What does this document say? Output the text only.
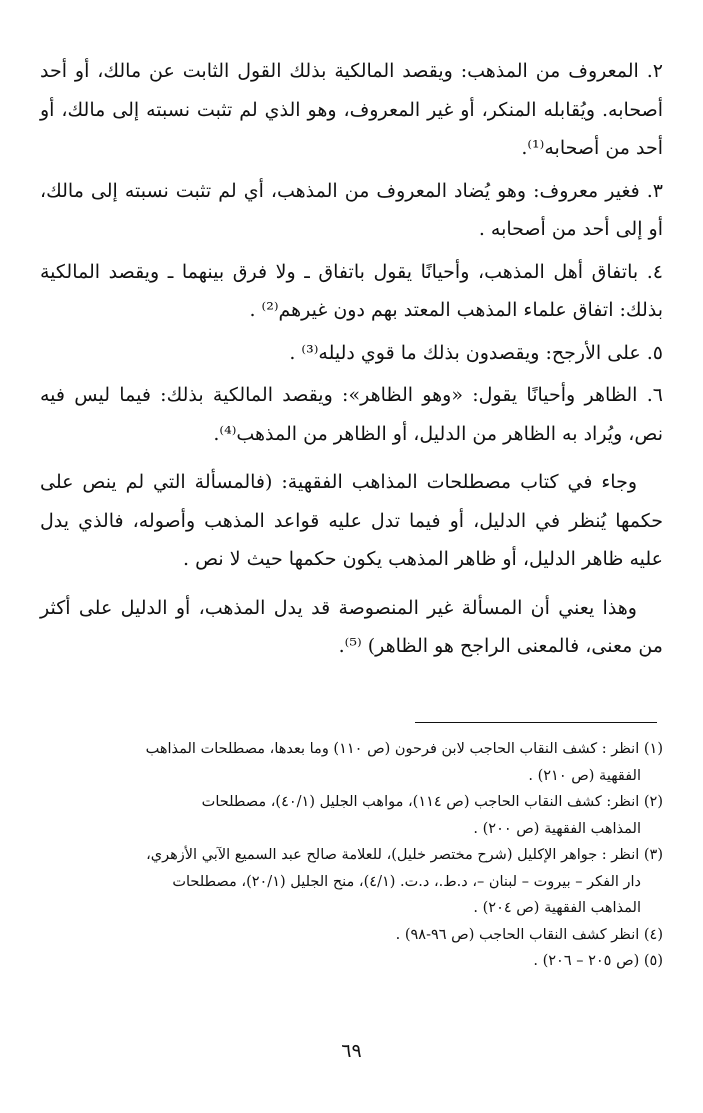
٢. المعروف من المذهب: ويقصد المالكية بذلك القول الثابت عن مالك، أو أحد أصحابه. ويُقابله المنكر، أو غير المعروف، وهو الذي لم تثبت نسبته إلى مالك، أو أحد من أصحابه⁽¹⁾.
٣. فغير معروف: وهو يُضاد المعروف من المذهب، أي لم تثبت نسبته إلى مالك، أو إلى أحد من أصحابه .
٤. باتفاق أهل المذهب، وأحيانًا يقول باتفاق ـ ولا فرق بينهما ـ ويقصد المالكية بذلك: اتفاق علماء المذهب المعتد بهم دون غيرهم⁽²⁾ .
٥. على الأرجح: ويقصدون بذلك ما قوي دليله⁽³⁾ .
٦. الظاهر وأحيانًا يقول: «وهو الظاهر»: ويقصد المالكية بذلك: فيما ليس فيه نص، ويُراد به الظاهر من الدليل، أو الظاهر من المذهب⁽⁴⁾.
وجاء في كتاب مصطلحات المذاهب الفقهية: (فالمسألة التي لم ينص على حكمها يُنظر في الدليل، أو فيما تدل عليه قواعد المذهب وأصوله، فالذي يدل عليه ظاهر الدليل، أو ظاهر المذهب يكون حكمها حيث لا نص .
وهذا يعني أن المسألة غير المنصوصة قد يدل المذهب، أو الدليل على أكثر من معنى، فالمعنى الراجح هو الظاهر) ⁽⁵⁾.
(١) انظر : كشف النقاب الحاجب لابن فرحون (ص ١١٠) وما بعدها، مصطلحات المذاهب
الفقهية (ص ٢١٠) .
(٢) انظر: كشف النقاب الحاجب (ص ١١٤)، مواهب الجليل (٤٠/١)، مصطلحات
المذاهب الفقهية (ص ٢٠٠) .
(٣) انظر : جواهر الإكليل (شرح مختصر خليل)، للعلامة صالح عبد السميع الآبي الأزهري،
دار الفكر – بيروت – لبنان –، د.ط.، د.ت. (٤/١)، منح الجليل (٢٠/١)، مصطلحات
المذاهب الفقهية (ص ٢٠٤) .
(٤) انظر كشف النقاب الحاجب (ص ٩٦-٩٨) .
(٥) (ص ٢٠٥ – ٢٠٦) .
٦٩
